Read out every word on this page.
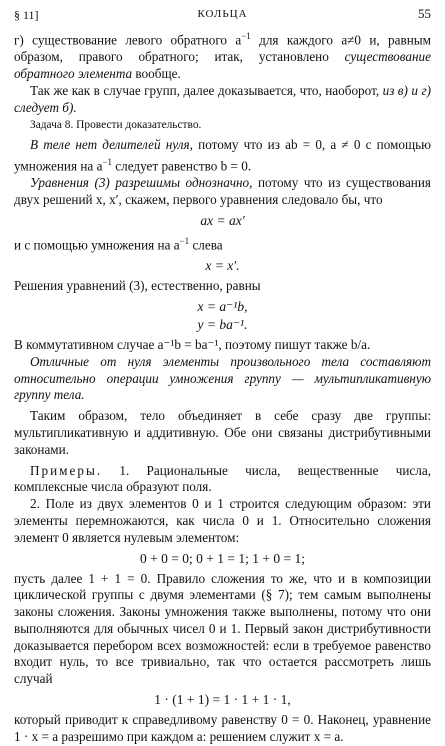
§ 11]	КОЛЬЦА	55

г) существование левого обратного $a^{-1}$ для каждого a≠0 и, равным образом, правого обратного; итак, установлено существование обратного элемента вообще.

Так же как в случае групп, далее доказывается, что, наоборот, из в) и г) следует б).

Задача 8. Провести доказательство.

В теле нет делителей нуля, потому что из ab = 0, a ≠ 0 с помощью умножения на $a^{-1}$ следует равенство b = 0.

Уравнения (3) разрешимы однозначно, потому что из существования двух решений x, x′, скажем, первого уравнения следовало бы, что

ax = ax′

и с помощью умножения на $a^{-1}$ слева

x = x′.

Решения уравнений (3), естественно, равны

x = a⁻¹b,
y = ba⁻¹.

В коммутативном случае a⁻¹b = ba⁻¹, поэтому пишут также b/a.

Отличные от нуля элементы произвольного тела составляют относительно операции умножения группу — мультипликативную группу тела.

Таким образом, тело объединяет в себе сразу две группы: мультипликативную и аддитивную. Обе они связаны дистрибутивными законами.

Примеры. 1. Рациональные числа, вещественные числа, комплексные числа образуют поля.

2. Поле из двух элементов 0 и 1 строится следующим образом: эти элементы перемножаются, как числа 0 и 1. Относительно сложения элемент 0 является нулевым элементом:

0 + 0 = 0; 0 + 1 = 1; 1 + 0 = 1;

пусть далее 1 + 1 = 0. Правило сложения то же, что и в композиции циклической группы с двумя элементами (§ 7); тем самым выполнены законы сложения. Законы умножения также выполнены, потому что они выполняются для обычных чисел 0 и 1. Первый закон дистрибутивности доказывается перебором всех возможностей: если в требуемое равенство входит нуль, то все тривиально, так что остается рассмотреть лишь случай

1 · (1 + 1) = 1 · 1 + 1 · 1,

который приводит к справедливому равенству 0 = 0. Наконец, уравнение 1 · x = a разрешимо при каждом a: решением служит x = a.
